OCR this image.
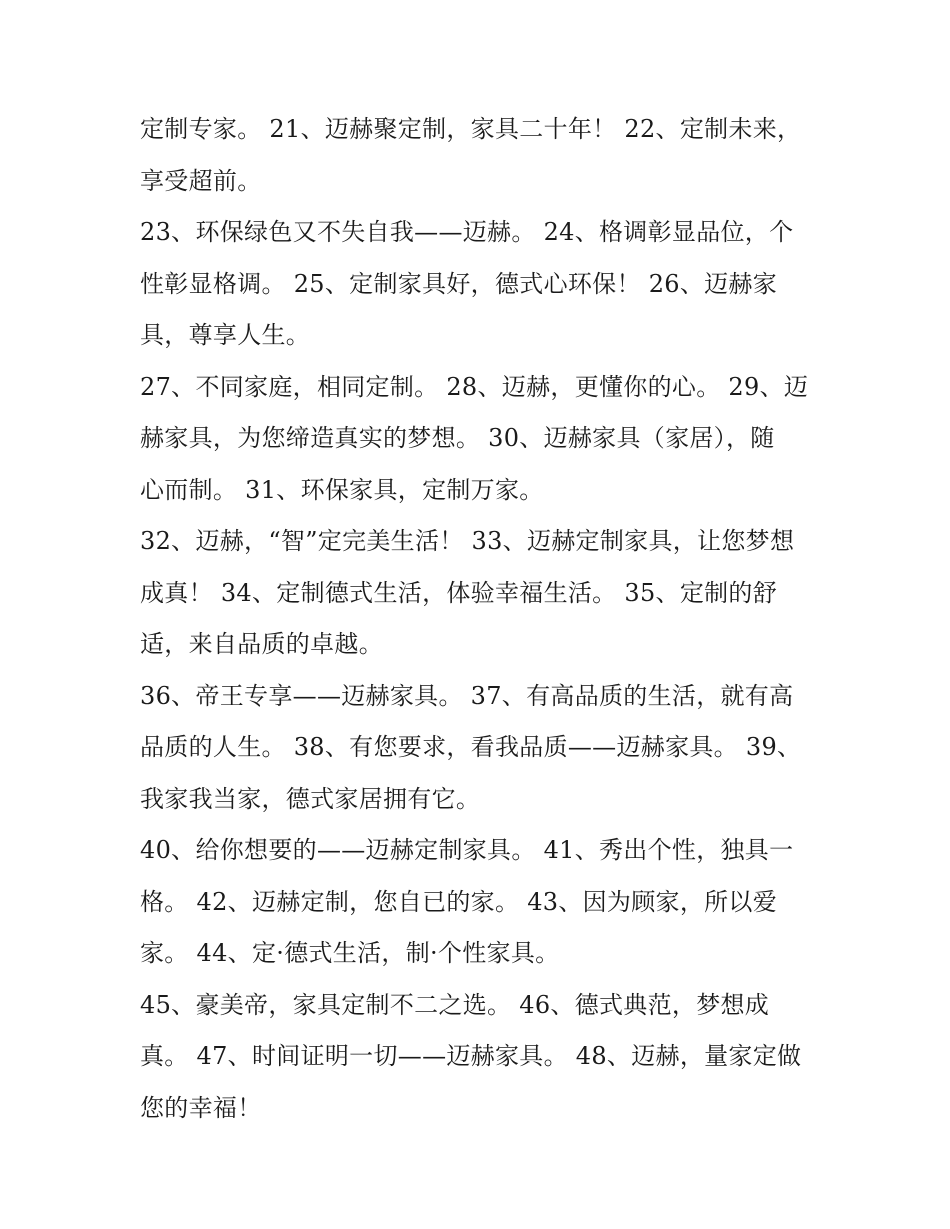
定制专家。 21、迈赫聚定制，家具二十年！ 22、定制未来，
享受超前。
23、环保绿色又不失自我——迈赫。 24、格调彰显品位，个
性彰显格调。 25、定制家具好，德式心环保！ 26、迈赫家
具，尊享人生。
27、不同家庭，相同定制。 28、迈赫，更懂你的心。 29、迈
赫家具，为您缔造真实的梦想。 30、迈赫家具（家居），随
心而制。 31、环保家具，定制万家。
32、迈赫，“智”定完美生活！ 33、迈赫定制家具，让您梦想
成真！ 34、定制德式生活，体验幸福生活。 35、定制的舒
适，来自品质的卓越。
36、帝王专享——迈赫家具。 37、有高品质的生活，就有高
品质的人生。 38、有您要求，看我品质——迈赫家具。 39、
我家我当家，德式家居拥有它。
40、给你想要的——迈赫定制家具。 41、秀出个性，独具一
格。 42、迈赫定制，您自已的家。 43、因为顾家，所以爱
家。 44、定·德式生活，制·个性家具。
45、豪美帝，家具定制不二之选。 46、德式典范，梦想成
真。 47、时间证明一切——迈赫家具。 48、迈赫，量家定做
您的幸福！
